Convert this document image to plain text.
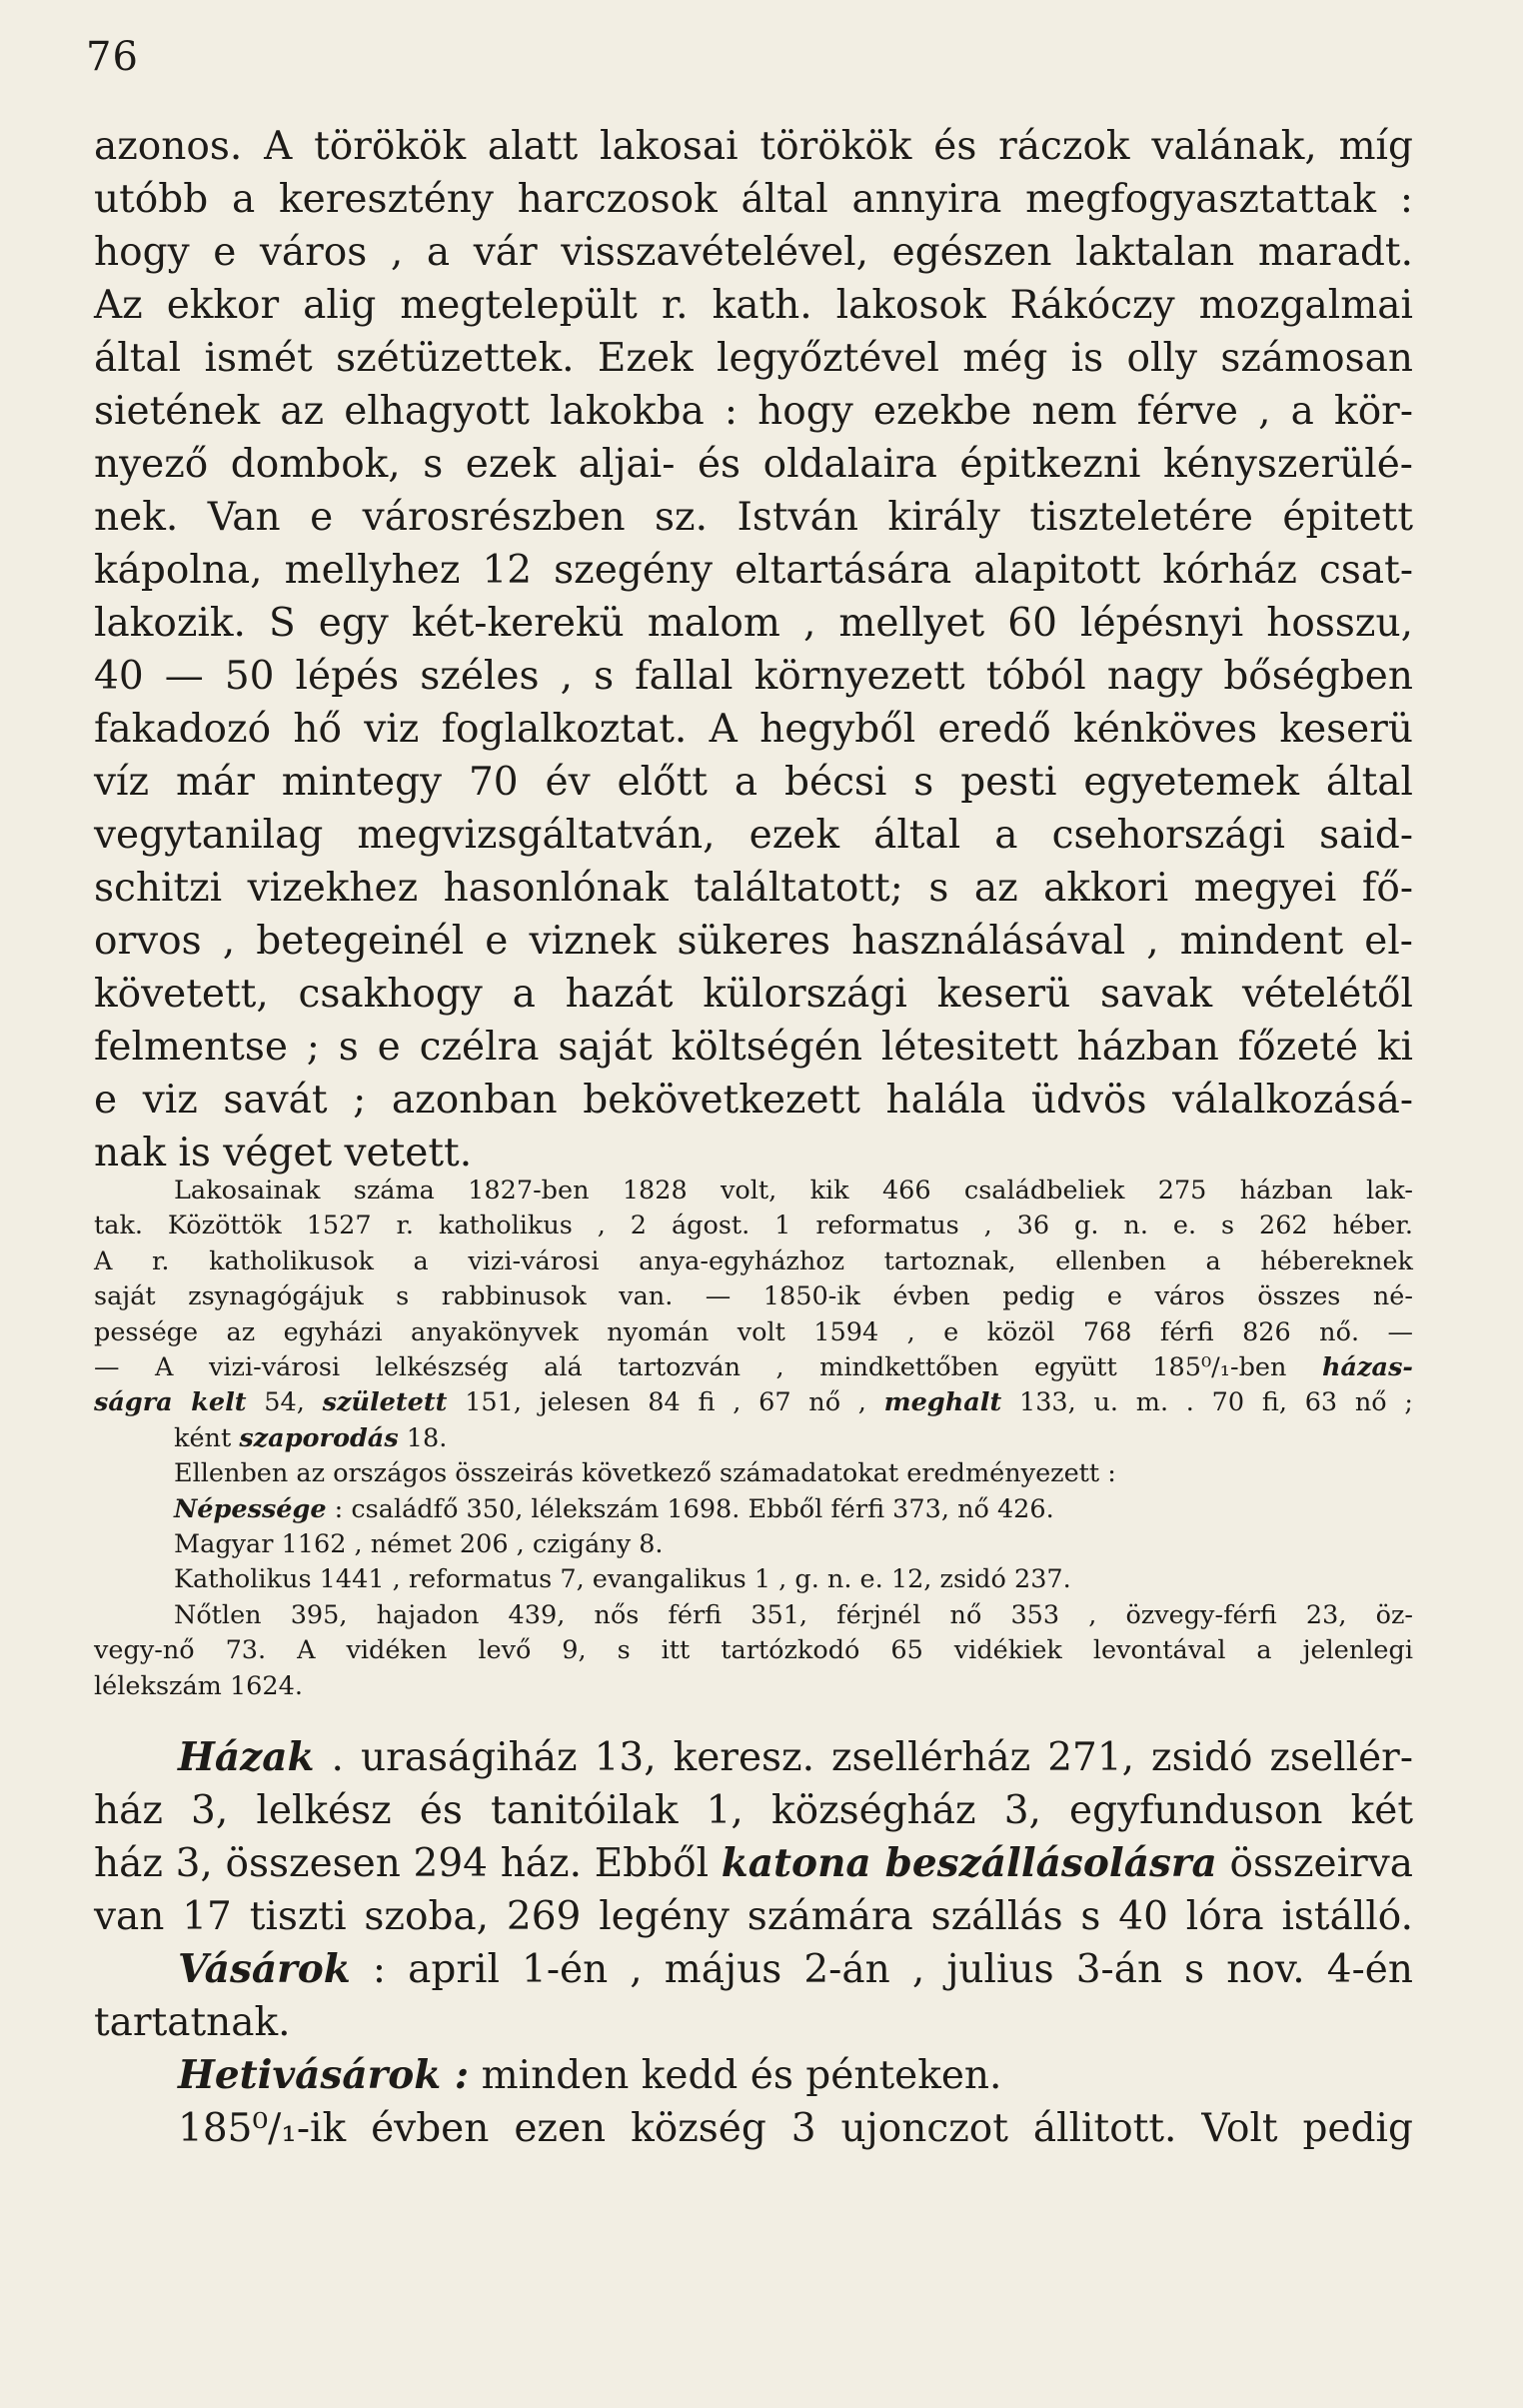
76
azonos. A törökök alatt lakosai törökök és ráczok valának, míg
utóbb a keresztény harczosok által annyira megfogyasztattak :
hogy e város , a vár visszavételével, egészen laktalan maradt.
Az ekkor alig megtelepült r. kath. lakosok Rákóczy mozgalmai
által ismét szétüzettek. Ezek legyőztével még is olly számosan
sietének az elhagyott lakokba : hogy ezekbe nem férve , a kör-
nyező dombok, s ezek aljai- és oldalaira épitkezni kényszerülé-
nek. Van e városrészben sz. István király tiszteletére épitett
kápolna, mellyhez 12 szegény eltartására alapitott kórház csat-
lakozik. S egy két-kerekü malom , mellyet 60 lépésnyi hosszu,
40 — 50 lépés széles , s fallal környezett tóból nagy bőségben
fakadozó hő viz foglalkoztat. A hegyből eredő kénköves keserü
víz már mintegy 70 év előtt a bécsi s pesti egyetemek által
vegytanilag megvizsgáltatván, ezek által a csehországi said-
schitzi vizekhez hasonlónak találtatott; s az akkori megyei fő-
orvos , betegeinél e viznek sükeres használásával , mindent el-
követett, csakhogy a hazát külországi keserü savak vételétől
felmentse ; s e czélra saját költségén létesitett házban főzeté ki
e viz savát ; azonban bekövetkezett halála üdvös válalkozásá-
nak is véget vetett.
Lakosainak száma 1827-ben 1828 volt, kik 466 családbeliek 275 házban lak-
tak. Közöttök 1527 r. katholikus , 2 ágost. 1 reformatus , 36 g. n. e. s 262 héber.
A r. katholikusok a vizi-városi anya-egyházhoz tartoznak, ellenben a hébereknek
saját zsynagógájuk s rabbinusok van. — 1850-ik évben pedig e város összes né-
pessége az egyházi anyakönyvek nyomán volt 1594 , e közöl 768 férfi 826 nő. —
— A vizi-városi lelkészség alá tartozván , mindkettőben együtt 185⁰/₁-ben házas-
ságra kelt 54, született 151, jelesen 84 fi , 67 nő , meghalt 133, u. m. . 70 fi, 63 nő ;
ként szaporodás 18.
Ellenben az országos összeirás következő számadatokat eredményezett :
Népessége : családfő 350, lélekszám 1698. Ebből férfi 373, nő 426.
Magyar 1162 , német 206 , czigány 8.
Katholikus 1441 , reformatus 7, evangalikus 1 , g. n. e. 12, zsidó 237.
Nőtlen 395, hajadon 439, nős férfi 351, férjnél nő 353 , özvegy-férfi 23, öz-
vegy-nő 73. A vidéken levő 9, s itt tartózkodó 65 vidékiek levontával a jelenlegi
lélekszám 1624.
Házak . uraságiház 13, keresz. zsellérház 271, zsidó zsellér-
ház 3, lelkész és tanitóilak 1, községház 3, egyfunduson két
ház 3, összesen 294 ház. Ebből katona beszállásolásra összeirva
van 17 tiszti szoba, 269 legény számára szállás s 40 lóra istálló.
Vásárok : april 1-én , május 2-án , julius 3-án s nov. 4-én
tartatnak.
Hetivásárok : minden kedd és pénteken.
185⁰/₁-ik évben ezen község 3 ujonczot állitott. Volt pedig
